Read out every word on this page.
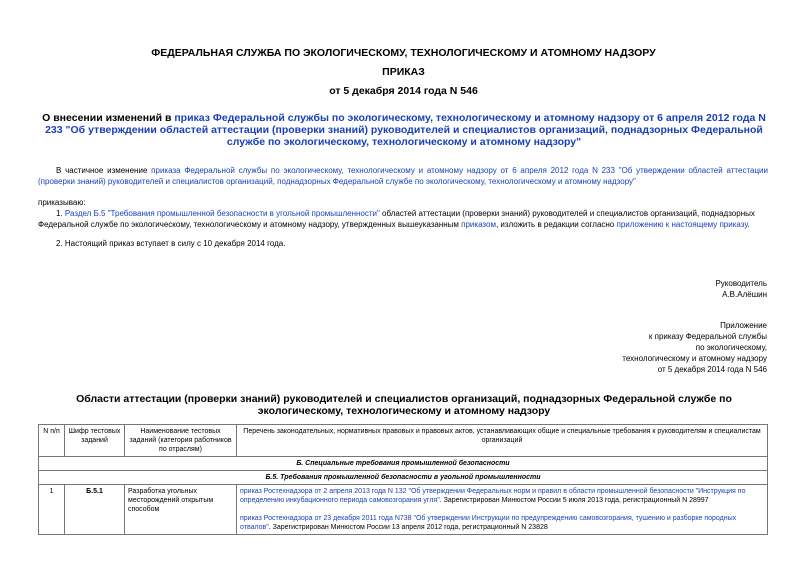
ФЕДЕРАЛЬНАЯ СЛУЖБА ПО ЭКОЛОГИЧЕСКОМУ, ТЕХНОЛОГИЧЕСКОМУ И АТОМНОМУ НАДЗОРУ
ПРИКАЗ
от 5 декабря 2014 года N 546
О внесении изменений в приказ Федеральной службы по экологическому, технологическому и атомному надзору от 6 апреля 2012 года N 233 "Об утверждении областей аттестации (проверки знаний) руководителей и специалистов организаций, поднадзорных Федеральной службе по экологическому, технологическому и атомному надзору"
В частичное изменение приказа Федеральной службы по экологическому, технологическому и атомному надзору от 6 апреля 2012 года N 233 "Об утверждении областей аттестации (проверки знаний) руководителей и специалистов организаций, поднадзорных Федеральной службе по экологическому, технологическому и атомному надзору"
приказываю:
1. Раздел Б.5 "Требования промышленной безопасности в угольной промышленности" областей аттестации (проверки знаний) руководителей и специалистов организаций, поднадзорных Федеральной службе по экологическому, технологическому и атомному надзору, утвержденных вышеуказанным приказом, изложить в редакции согласно приложению к настоящему приказу.
2. Настоящий приказ вступает в силу с 10 декабря 2014 года.
Руководитель
А.В.Алёшин
Приложение
к приказу Федеральной службы
по экологическому,
технологическому и атомному надзору
от 5 декабря 2014 года N 546
Области аттестации (проверки знаний) руководителей и специалистов организаций, поднадзорных Федеральной службе по экологическому, технологическому и атомному надзору
N п/п	Шифр тестовых заданий	Наименование тестовых заданий (категория работников по отраслям)	Перечень законодательных, нормативных правовых и правовых актов, устанавливающих общие и специальные требования к руководителям и специалистам организаций
Б. Специальные требования промышленной безопасности			
Б.5. Требования промышленной безопасности в угольной промышленности			
1	Б.5.1	Разработка угольных месторождений открытым способом	приказ Ростехнадзора от 2 апреля 2013 года N 132 "Об утверждении Федеральных норм и правил в области промышленной безопасности "Инструкция по определению инкубационного периода самовозгорания угля". Зарегистрирован Минюстом России 5 июля 2013 года, регистрационный N 28997
приказ Ростехнадзора от 23 декабря 2011 года N738 "Об утверждении Инструкции по предупреждению самовозгорания, тушению и разборке породных отвалов". Зарегистрирован Минюстом России 13 апреля 2012 года, регистрационный N 23828
